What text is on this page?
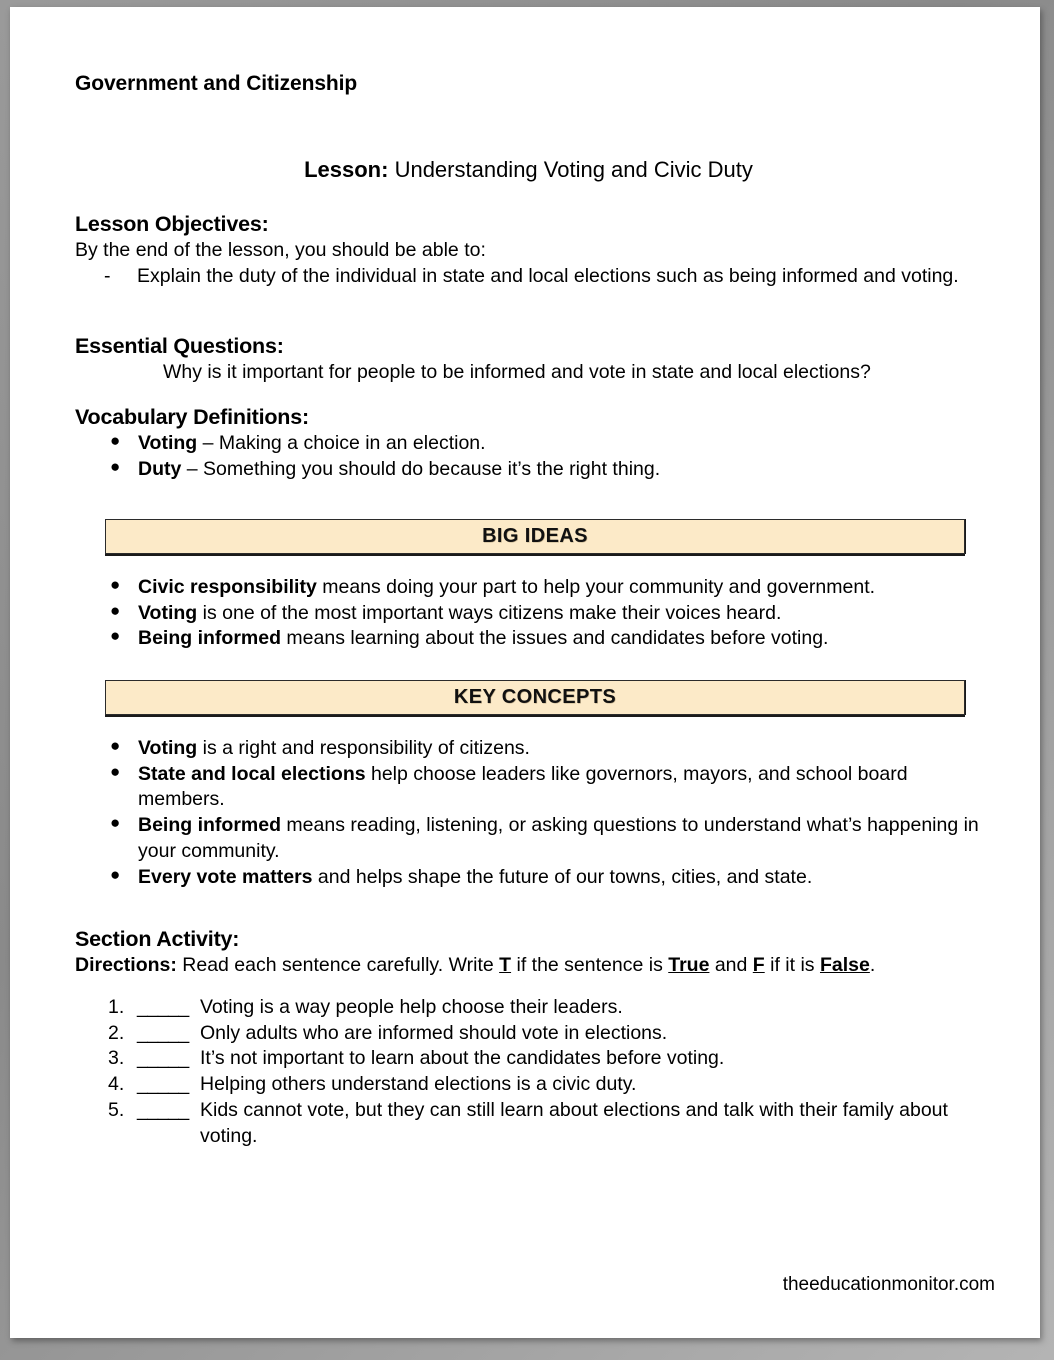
Government and Citizenship
Lesson: Understanding Voting and Civic Duty
Lesson Objectives:
By the end of the lesson, you should be able to:
- Explain the duty of the individual in state and local elections such as being informed and voting.
Essential Questions:
Why is it important for people to be informed and vote in state and local elections?
Vocabulary Definitions:
● Voting – Making a choice in an election.
● Duty – Something you should do because it’s the right thing.
BIG IDEAS
● Civic responsibility means doing your part to help your community and government.
● Voting is one of the most important ways citizens make their voices heard.
● Being informed means learning about the issues and candidates before voting.
KEY CONCEPTS
● Voting is a right and responsibility of citizens.
● State and local elections help choose leaders like governors, mayors, and school board members.
● Being informed means reading, listening, or asking questions to understand what’s happening in your community.
● Every vote matters and helps shape the future of our towns, cities, and state.
Section Activity:
Directions: Read each sentence carefully. Write T if the sentence is True and F if it is False.
1. _____ Voting is a way people help choose their leaders.
2. _____ Only adults who are informed should vote in elections.
3. _____ It’s not important to learn about the candidates before voting.
4. _____ Helping others understand elections is a civic duty.
5. _____ Kids cannot vote, but they can still learn about elections and talk with their family about voting.
theeducationmonitor.com
